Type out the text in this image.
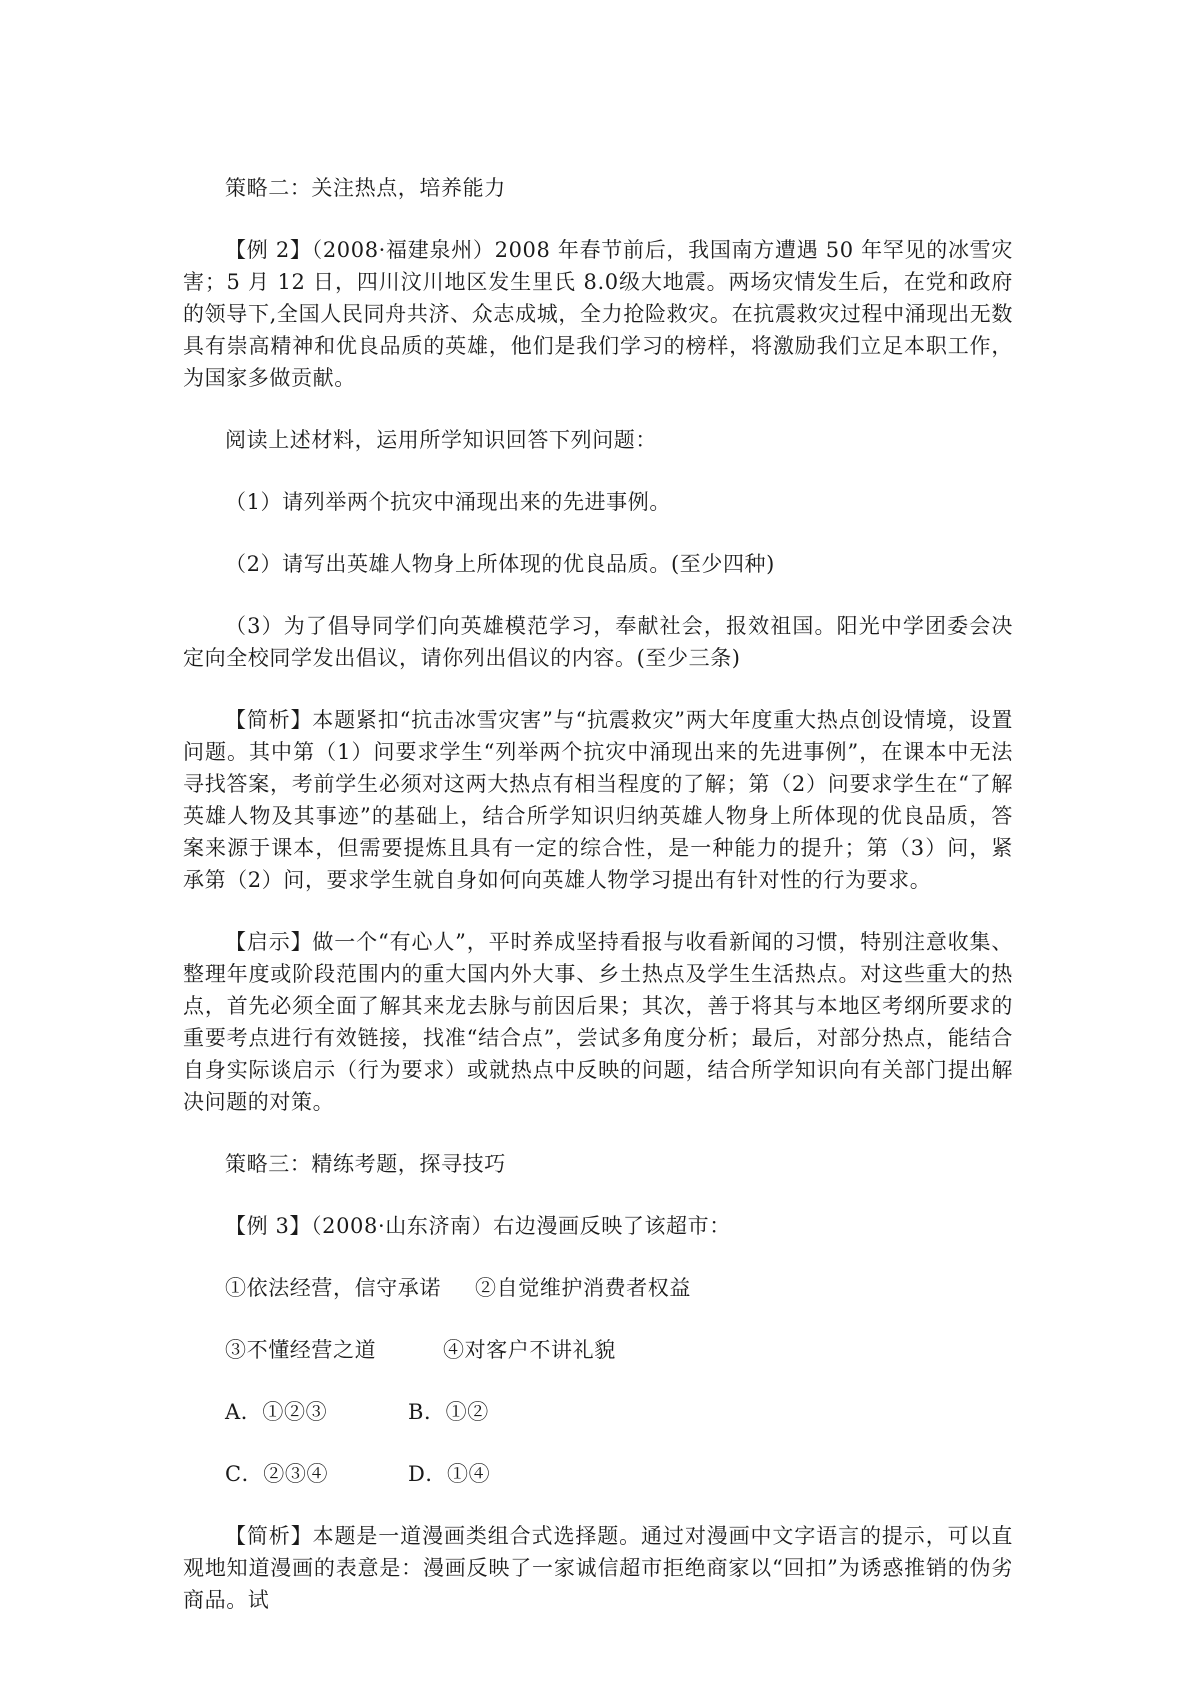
策略二：关注热点，培养能力

【例 2】（2008·福建泉州）2008 年春节前后，我国南方遭遇 50 年罕见的冰雪灾害；5 月 12 日，四川汶川地区发生里氏 8.0级大地震。两场灾情发生后，在党和政府的领导下,全国人民同舟共济、众志成城，全力抢险救灾。在抗震救灾过程中涌现出无数具有崇高精神和优良品质的英雄，他们是我们学习的榜样，将激励我们立足本职工作，为国家多做贡献。

阅读上述材料，运用所学知识回答下列问题：

（1）请列举两个抗灾中涌现出来的先进事例。

（2）请写出英雄人物身上所体现的优良品质。(至少四种)

（3）为了倡导同学们向英雄模范学习，奉献社会，报效祖国。阳光中学团委会决定向全校同学发出倡议，请你列出倡议的内容。(至少三条)

【简析】本题紧扣“抗击冰雪灾害”与“抗震救灾”两大年度重大热点创设情境，设置问题。其中第（1）问要求学生“列举两个抗灾中涌现出来的先进事例”，在课本中无法寻找答案，考前学生必须对这两大热点有相当程度的了解；第（2）问要求学生在“了解英雄人物及其事迹”的基础上，结合所学知识归纳英雄人物身上所体现的优良品质，答案来源于课本，但需要提炼且具有一定的综合性，是一种能力的提升；第（3）问，紧承第（2）问，要求学生就自身如何向英雄人物学习提出有针对性的行为要求。

【启示】做一个“有心人”，平时养成坚持看报与收看新闻的习惯，特别注意收集、整理年度或阶段范围内的重大国内外大事、乡土热点及学生生活热点。对这些重大的热点，首先必须全面了解其来龙去脉与前因后果；其次，善于将其与本地区考纲所要求的重要考点进行有效链接，找准“结合点”，尝试多角度分析；最后，对部分热点，能结合自身实际谈启示（行为要求）或就热点中反映的问题，结合所学知识向有关部门提出解决问题的对策。

策略三：精练考题，探寻技巧

【例 3】（2008·山东济南）右边漫画反映了该超市：

①依法经营，信守承诺	②自觉维护消费者权益
③不懂经营之道	④对客户不讲礼貌
A．①②③	B．①②
C．②③④	D．①④

【简析】本题是一道漫画类组合式选择题。通过对漫画中文字语言的提示，可以直观地知道漫画的表意是：漫画反映了一家诚信超市拒绝商家以“回扣”为诱惑推销的伪劣商品。试
